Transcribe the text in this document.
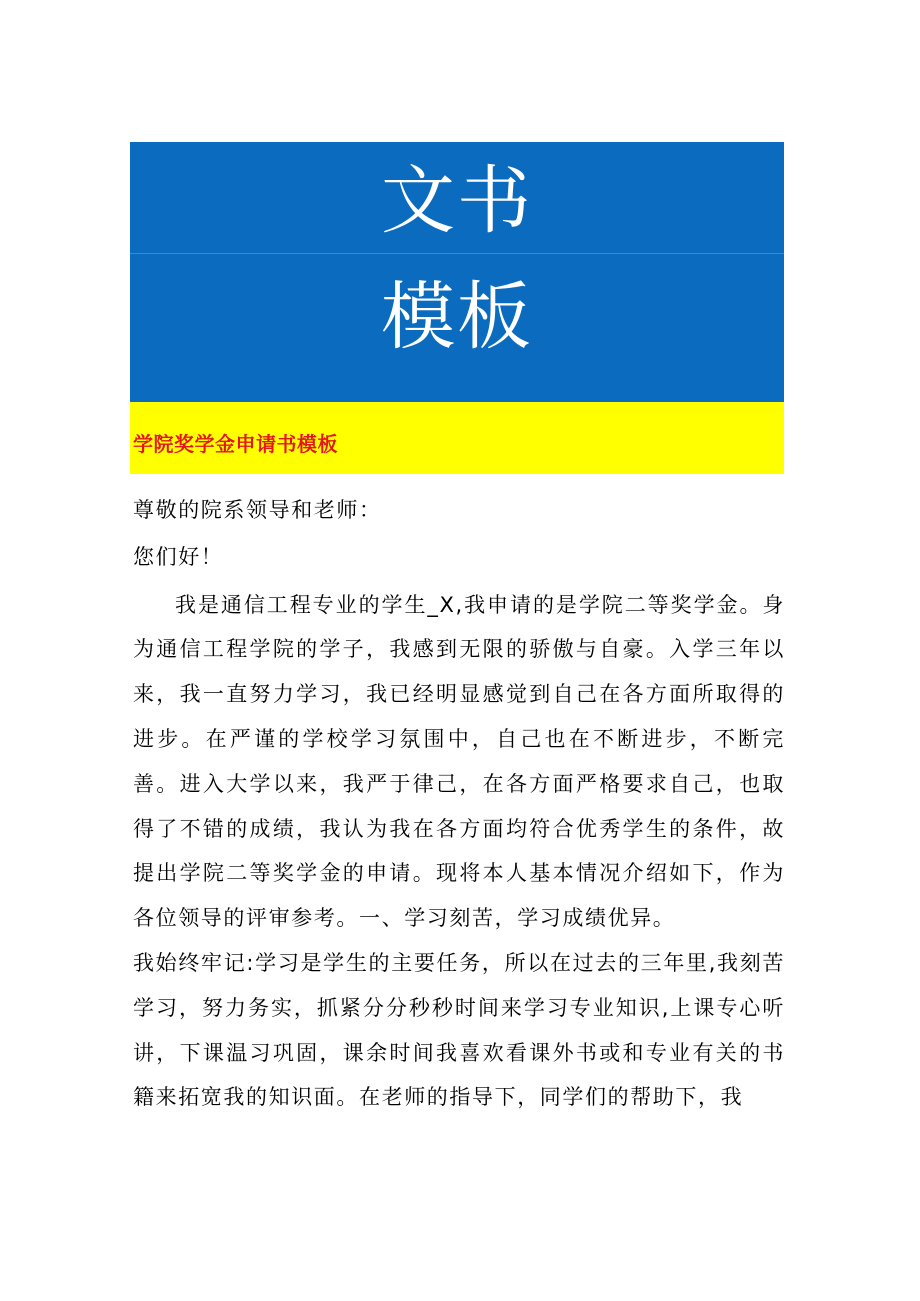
文书
模板
学院奖学金申请书模板

尊敬的院系领导和老师：

您们好！

我是通信工程专业的学生_X,我申请的是学院二等奖学金。身为通信工程学院的学子，我感到无限的骄傲与自豪。入学三年以来，我一直努力学习，我已经明显感觉到自己在各方面所取得的进步。在严谨的学校学习氛围中，自己也在不断进步，不断完善。进入大学以来，我严于律己，在各方面严格要求自己，也取得了不错的成绩，我认为我在各方面均符合优秀学生的条件，故提出学院二等奖学金的申请。现将本人基本情况介绍如下，作为各位领导的评审参考。一、学习刻苦，学习成绩优异。

我始终牢记:学习是学生的主要任务，所以在过去的三年里,我刻苦学习，努力务实，抓紧分分秒秒时间来学习专业知识,上课专心听讲，下课温习巩固，课余时间我喜欢看课外书或和专业有关的书籍来拓宽我的知识面。在老师的指导下，同学们的帮助下，我
